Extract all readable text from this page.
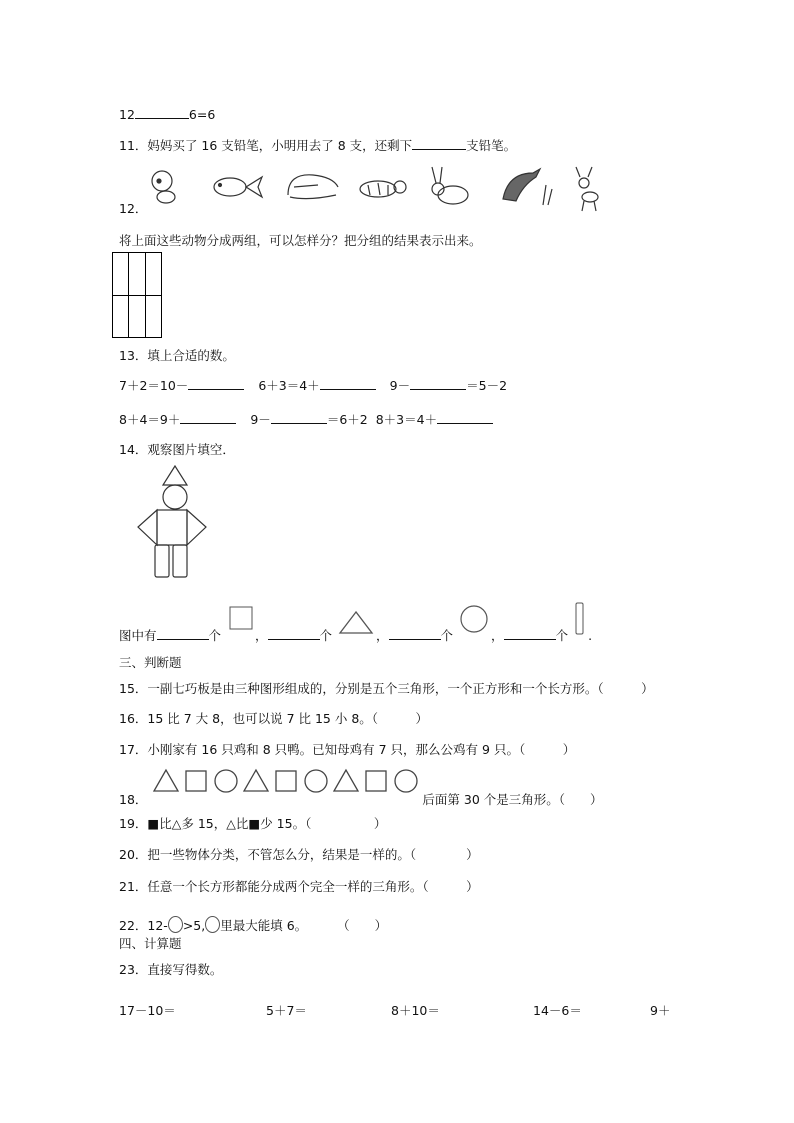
12	6=6
11．妈妈买了 16 支铅笔，小明用去了 8 支，还剩下	支铅笔。
12．
将上面这些动物分成两组，可以怎样分？把分组的结果表示出来。
13．填上合适的数。
7＋2＝10－	6＋3＝4＋	9－	＝5－2
8＋4＝9＋	9－	＝6＋2 8＋3＝4＋
14．观察图片填空．
图中有	个	，	个	，	个	，	个 .
三、判断题
15．一副七巧板是由三种图形组成的，分别是五个三角形，一个正方形和一个长方形。（　　　）
16．15 比 7 大 8，也可以说 7 比 15 小 8。（　　　）
17．小刚家有 16 只鸡和 8 只鸭。已知母鸡有 7 只，那么公鸡有 9 只。（　　　）
18．	后面第 30 个是三角形。（　　）
19．■比△多 15，△比■少 15。（　　　　　）
20．把一些物体分类，不管怎么分，结果是一样的。（　　　　）
21．任意一个长方形都能分成两个完全一样的三角形。（　　　）
22．12- >5, 里最大能填 6。 （　　）
四、计算题
23．直接写得数。
17－10＝	5＋7＝	8＋10＝	14－6＝	9＋
